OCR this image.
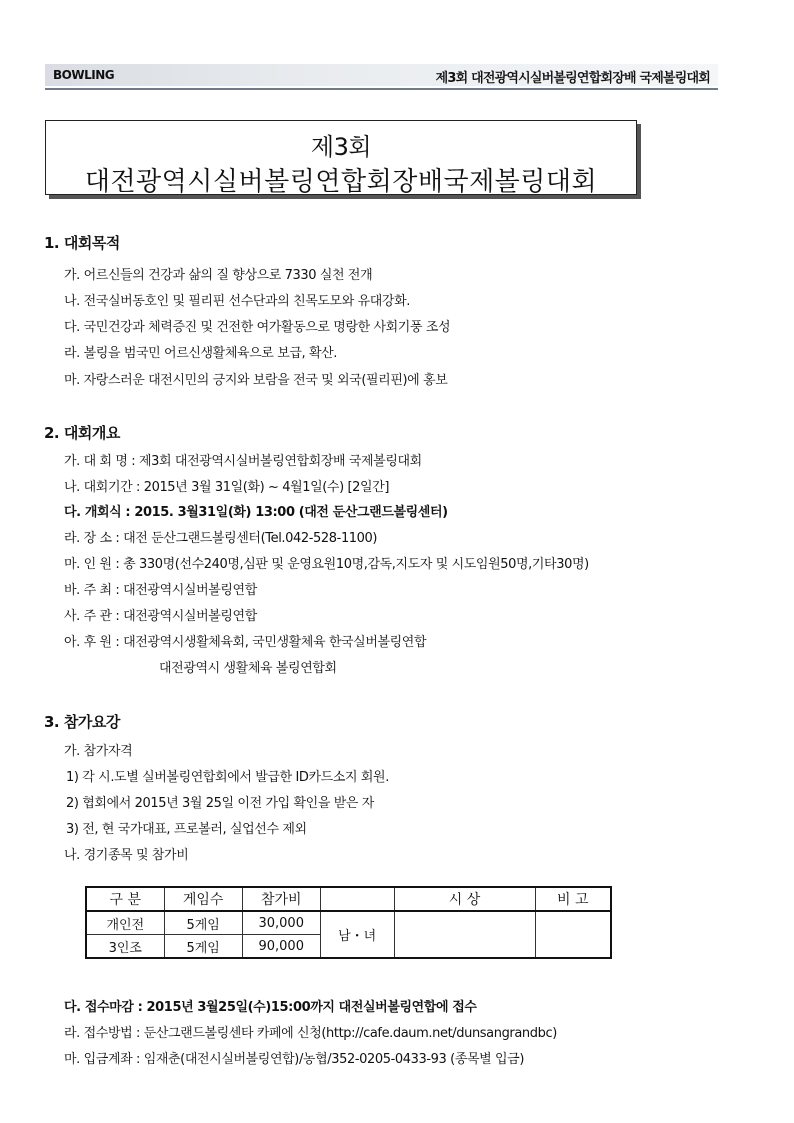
BOWLING	제3회 대전광역시실버볼링연합회장배 국제볼링대회
제3회
대전광역시실버볼링연합회장배국제볼링대회
1. 대회목적
가. 어르신들의 건강과 삶의 질 향상으로 7330 실천 전개
나. 전국실버동호인 및 필리핀 선수단과의 친목도모와 유대강화.
다. 국민건강과 체력증진 및 건전한 여가활동으로 명랑한 사회기풍 조성
라. 볼링을 범국민 어르신생활체육으로 보급, 확산.
마. 자랑스러운 대전시민의 긍지와 보람을 전국 및 외국(필리핀)에 홍보
2. 대회개요
가. 대 회 명 : 제3회 대전광역시실버볼링연합회장배 국제볼링대회
나. 대회기간 : 2015년 3월 31일(화) ~ 4월1일(수) [2일간]
다. 개회식 : 2015. 3월31일(화) 13:00 (대전 둔산그랜드볼링센터)
라. 장 소 : 대전 둔산그랜드볼링센터(Tel.042-528-1100)
마. 인 원 : 총 330명(선수240명,심판 및 운영요원10명,감독,지도자 및 시도임원50명,기타30명)
바. 주 최 : 대전광역시실버볼링연합
사. 주 관 : 대전광역시실버볼링연합
아. 후 원 : 대전광역시생활체육회, 국민생활체육 한국실버볼링연합
대전광역시 생활체육 볼링연합회
3. 참가요강
가. 참가자격
1) 각 시.도별 실버볼링연합회에서 발급한 ID카드소지 회원.
2) 협회에서 2015년 3월 25일 이전 가입 확인을 받은 자
3) 전, 현 국가대표, 프로볼러, 실업선수 제외
나. 경기종목 및 참가비
구 분	게임수	참가비		시 상	비 고
개인전	5게임	30,000	남・녀		
3인조	5게임	90,000			
다. 접수마감 : 2015년 3월25일(수)15:00까지 대전실버볼링연합에 접수
라. 접수방법 : 둔산그랜드볼링센타 카페에 신청(http://cafe.daum.net/dunsangrandbc)
마. 입금계좌 : 임재춘(대전시실버볼링연합)/농협/352-0205-0433-93 (종목별 입금)
